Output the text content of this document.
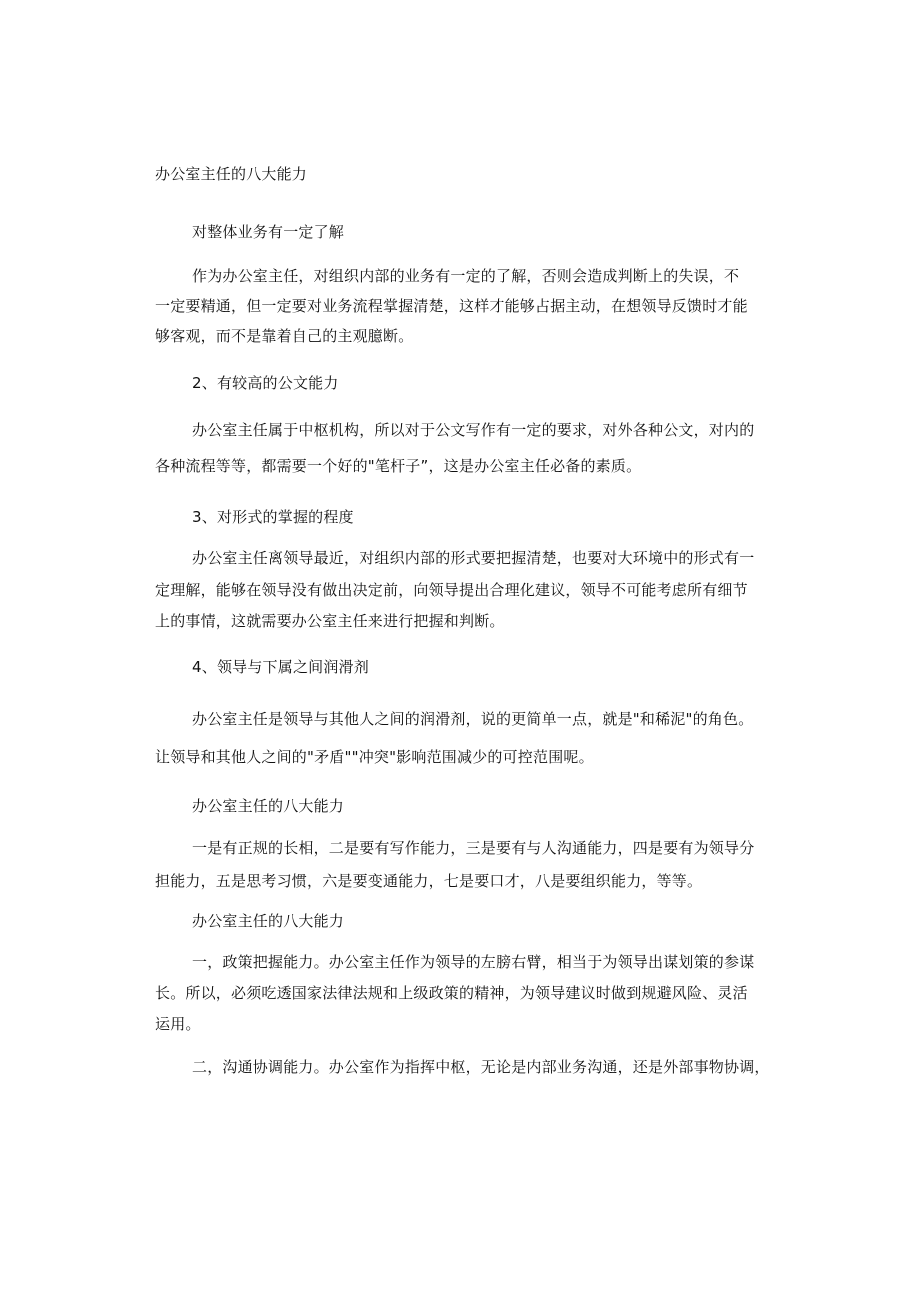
办公室主任的八大能力
对整体业务有一定了解
作为办公室主任，对组织内部的业务有一定的了解，否则会造成判断上的失误，不
一定要精通，但一定要对业务流程掌握清楚，这样才能够占据主动，在想领导反馈时才能
够客观，而不是靠着自己的主观臆断。
2、有较高的公文能力
办公室主任属于中枢机构，所以对于公文写作有一定的要求，对外各种公文，对内的
各种流程等等，都需要一个好的"笔杆子”，这是办公室主任必备的素质。
3、对形式的掌握的程度
办公室主任离领导最近，对组织内部的形式要把握清楚，也要对大环境中的形式有一
定理解，能够在领导没有做出决定前，向领导提出合理化建议，领导不可能考虑所有细节
上的事情，这就需要办公室主任来进行把握和判断。
4、领导与下属之间润滑剂
办公室主任是领导与其他人之间的润滑剂，说的更简单一点，就是"和稀泥"的角色。
让领导和其他人之间的"矛盾""冲突"影响范围减少的可控范围呢。
办公室主任的八大能力
一是有正规的长相，二是要有写作能力，三是要有与人沟通能力，四是要有为领导分
担能力，五是思考习惯，六是要变通能力，七是要口才，八是要组织能力，等等。
办公室主任的八大能力
一，政策把握能力。办公室主任作为领导的左膀右臂，相当于为领导出谋划策的参谋
长。所以，必须吃透国家法律法规和上级政策的精神，为领导建议时做到规避风险、灵活
运用。
二，沟通协调能力。办公室作为指挥中枢，无论是内部业务沟通，还是外部事物协调，
